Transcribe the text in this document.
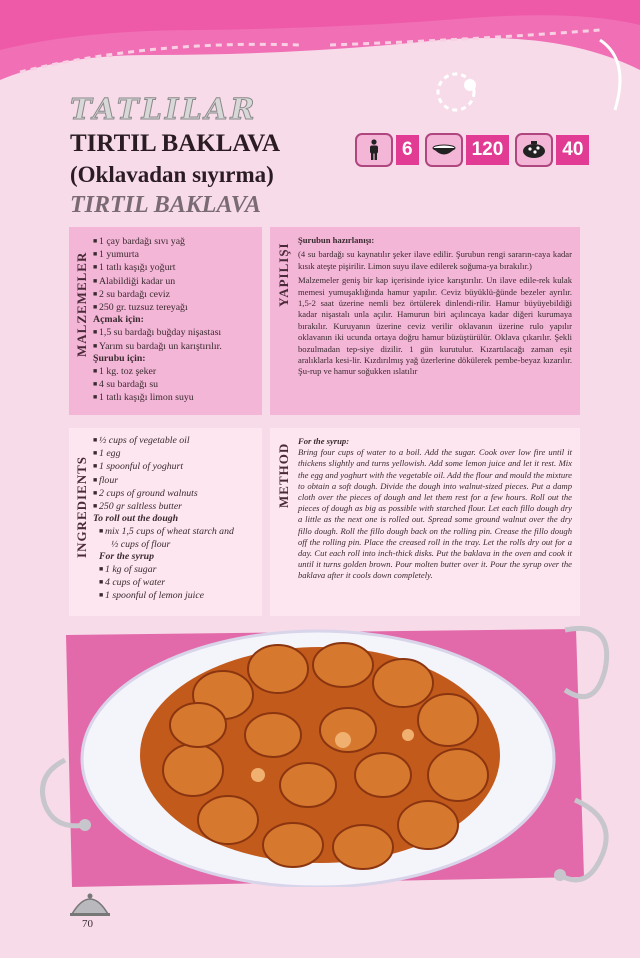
TATLILAR
TIRTIL BAKLAVA
(Oklavadan sıyırma)
TIRTIL BAKLAVA
6	120	40
MALZEMELER
■ 1 çay bardağı sıvı yağ
■ 1 yumurta
■ 1 tatlı kaşığı yoğurt
■ Alabildiği kadar un
■ 2 su bardağı ceviz
■ 250 gr. tuzsuz tereyağı
Açmak için:
■ 1,5 su bardağı buğday nişastası
■ Yarım su bardağı un karıştırılır.
Şurubu için:
■ 1 kg. toz şeker
■ 4 su bardağı su
■ 1 tatlı kaşığı limon suyu
YAPILIŞI

Şurubun hazırlanışı:

(4 su bardağı su kaynatılır şeker ilave edilir. Şurubun rengi sararın-caya kadar kısık ateşte pişirilir. Limon suyu ilave edilerek soğuma-ya bırakılır.)

Malzemeler geniş bir kap içerisinde iyice karıştırılır. Un ilave edile-rek kulak memesi yumuşaklığında hamur yapılır. Ceviz büyüklü-ğünde bezeler ayrılır. 1,5-2 saat üzerine nemli bez örtülerek dinlendi-rilir. Hamur büyüyebildiği kadar nişastalı unla açılır. Hamurun biri açılıncaya kadar diğeri kurumaya bırakılır. Kuruyanın üzerine ceviz verilir oklavanın üzerine rulo yapılır oklavanın iki ucunda ortaya doğru hamur büzüştürülür. Oklava çıkarılır. Şekli bozulmadan tep-siye dizilir. 1 gün kurutulur. Kızartılacağı zaman eşit aralıklarla kesi-lir. Kızdırılmış yağ üzerlerine dökülerek pembe-beyaz kızarılır. Şu-rup ve hamur soğukken ıslatılır

INGREDIENTS
■ ½ cups of vegetable oil
■ 1 egg
■ 1 spoonful of yoghurt
■ flour
■ 2 cups of ground walnuts
■ 250 gr saltless butter
To roll out the dough
■ mix 1,5 cups of wheat starch and
½ cups of flour
For the syrup
■ 1 kg of sugar
■ 4 cups of water
■ 1 spoonful of lemon juice
METHOD

For the syrup:

Bring four cups of water to a boil. Add the sugar. Cook over low fire until it thickens slightly and turns yellowish. Add some lemon juice and let it rest. Mix the egg and yoghurt with the vegetable oil. Add the flour and mould the mixture to obtain a soft dough. Divide the dough into walnut-sized pieces. Put a damp cloth over the pieces of dough and let them rest for a few hours. Roll out the pieces of dough as big as possible with starched flour. Let each fillo dough dry a little as the next one is rolled out. Spread some ground walnut over the dry fillo dough. Roll the fillo dough back on the rolling pin. Crease the fillo dough off the rolling pin. Place the creased roll in the tray. Let the rolls dry out for a day. Cut each roll into inch-thick disks. Put the baklava in the oven and cook it until it turns golden brown. Pour molten butter over it. Pour the syrup over the baklava after it cools down completely.

70
